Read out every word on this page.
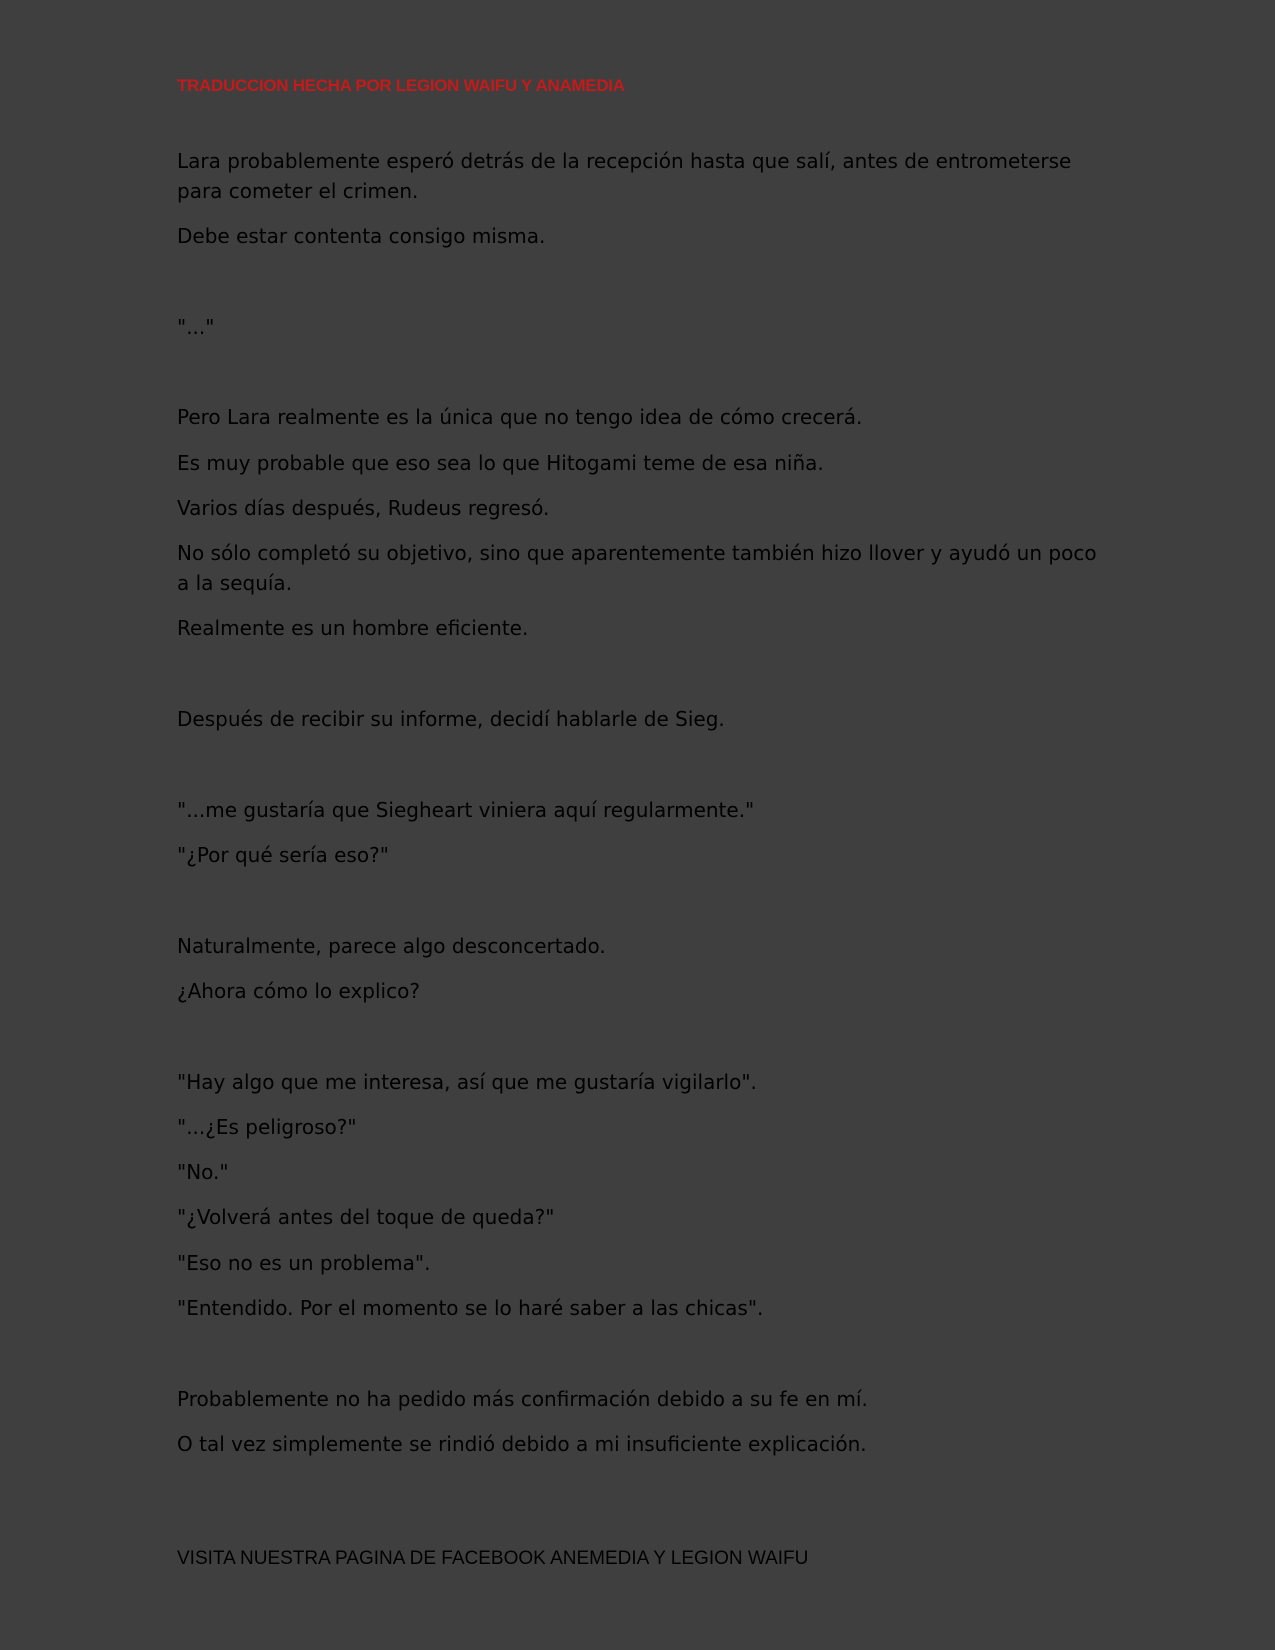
TRADUCCION HECHA POR LEGION WAIFU Y ANAMEDIA
Lara probablemente esperó detrás de la recepción hasta que salí, antes de entrometerse para cometer el crimen.
Debe estar contenta consigo misma.
"..."
Pero Lara realmente es la única que no tengo idea de cómo crecerá.
Es muy probable que eso sea lo que Hitogami teme de esa niña.
Varios días después, Rudeus regresó.
No sólo completó su objetivo, sino que aparentemente también hizo llover y ayudó un poco a la sequía.
Realmente es un hombre eficiente.
Después de recibir su informe, decidí hablarle de Sieg.
"...me gustaría que Siegheart viniera aquí regularmente."
"¿Por qué sería eso?"
Naturalmente, parece algo desconcertado.
¿Ahora cómo lo explico?
"Hay algo que me interesa, así que me gustaría vigilarlo".
"...¿Es peligroso?"
"No."
"¿Volverá antes del toque de queda?"
"Eso no es un problema".
"Entendido. Por el momento se lo haré saber a las chicas".
Probablemente no ha pedido más confirmación debido a su fe en mí.
O tal vez simplemente se rindió debido a mi insuficiente explicación.
VISITA NUESTRA PAGINA DE FACEBOOK ANEMEDIA Y LEGION WAIFU
